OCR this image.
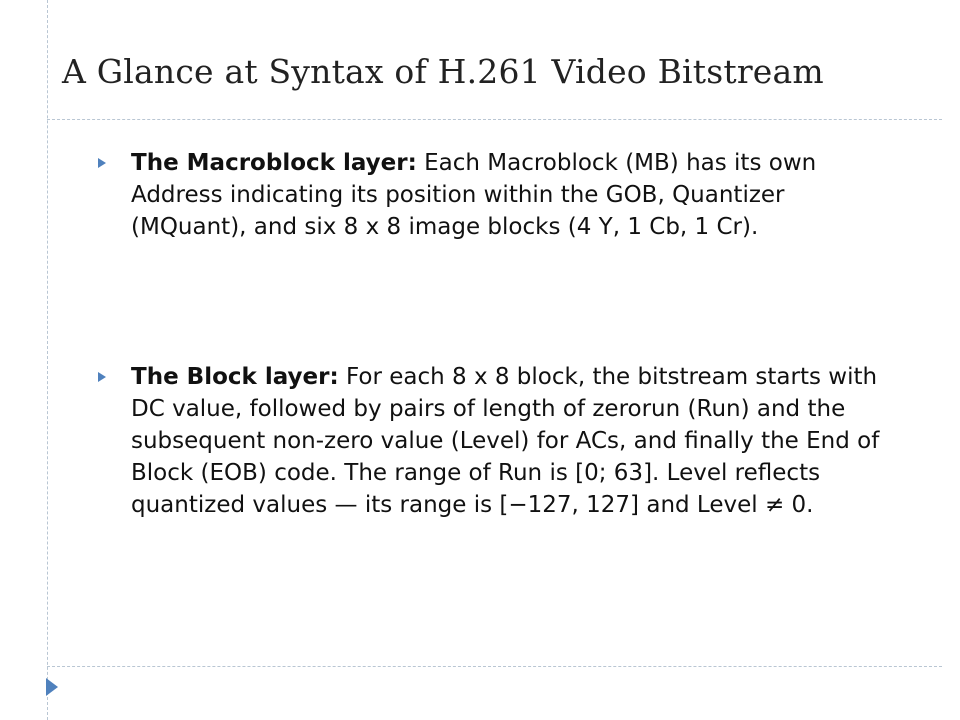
A Glance at Syntax of H.261 Video Bitstream
The Macroblock layer: Each Macroblock (MB) has its own Address indicating its position within the GOB, Quantizer (MQuant), and six 8 x 8 image blocks (4 Y, 1 Cb, 1 Cr).
The Block layer: For each 8 x 8 block, the bitstream starts with DC value, followed by pairs of length of zerorun (Run) and the subsequent non-zero value (Level) for ACs, and finally the End of Block (EOB) code. The range of Run is [0; 63]. Level reflects quantized values — its range is [−127, 127] and Level ≠ 0.
